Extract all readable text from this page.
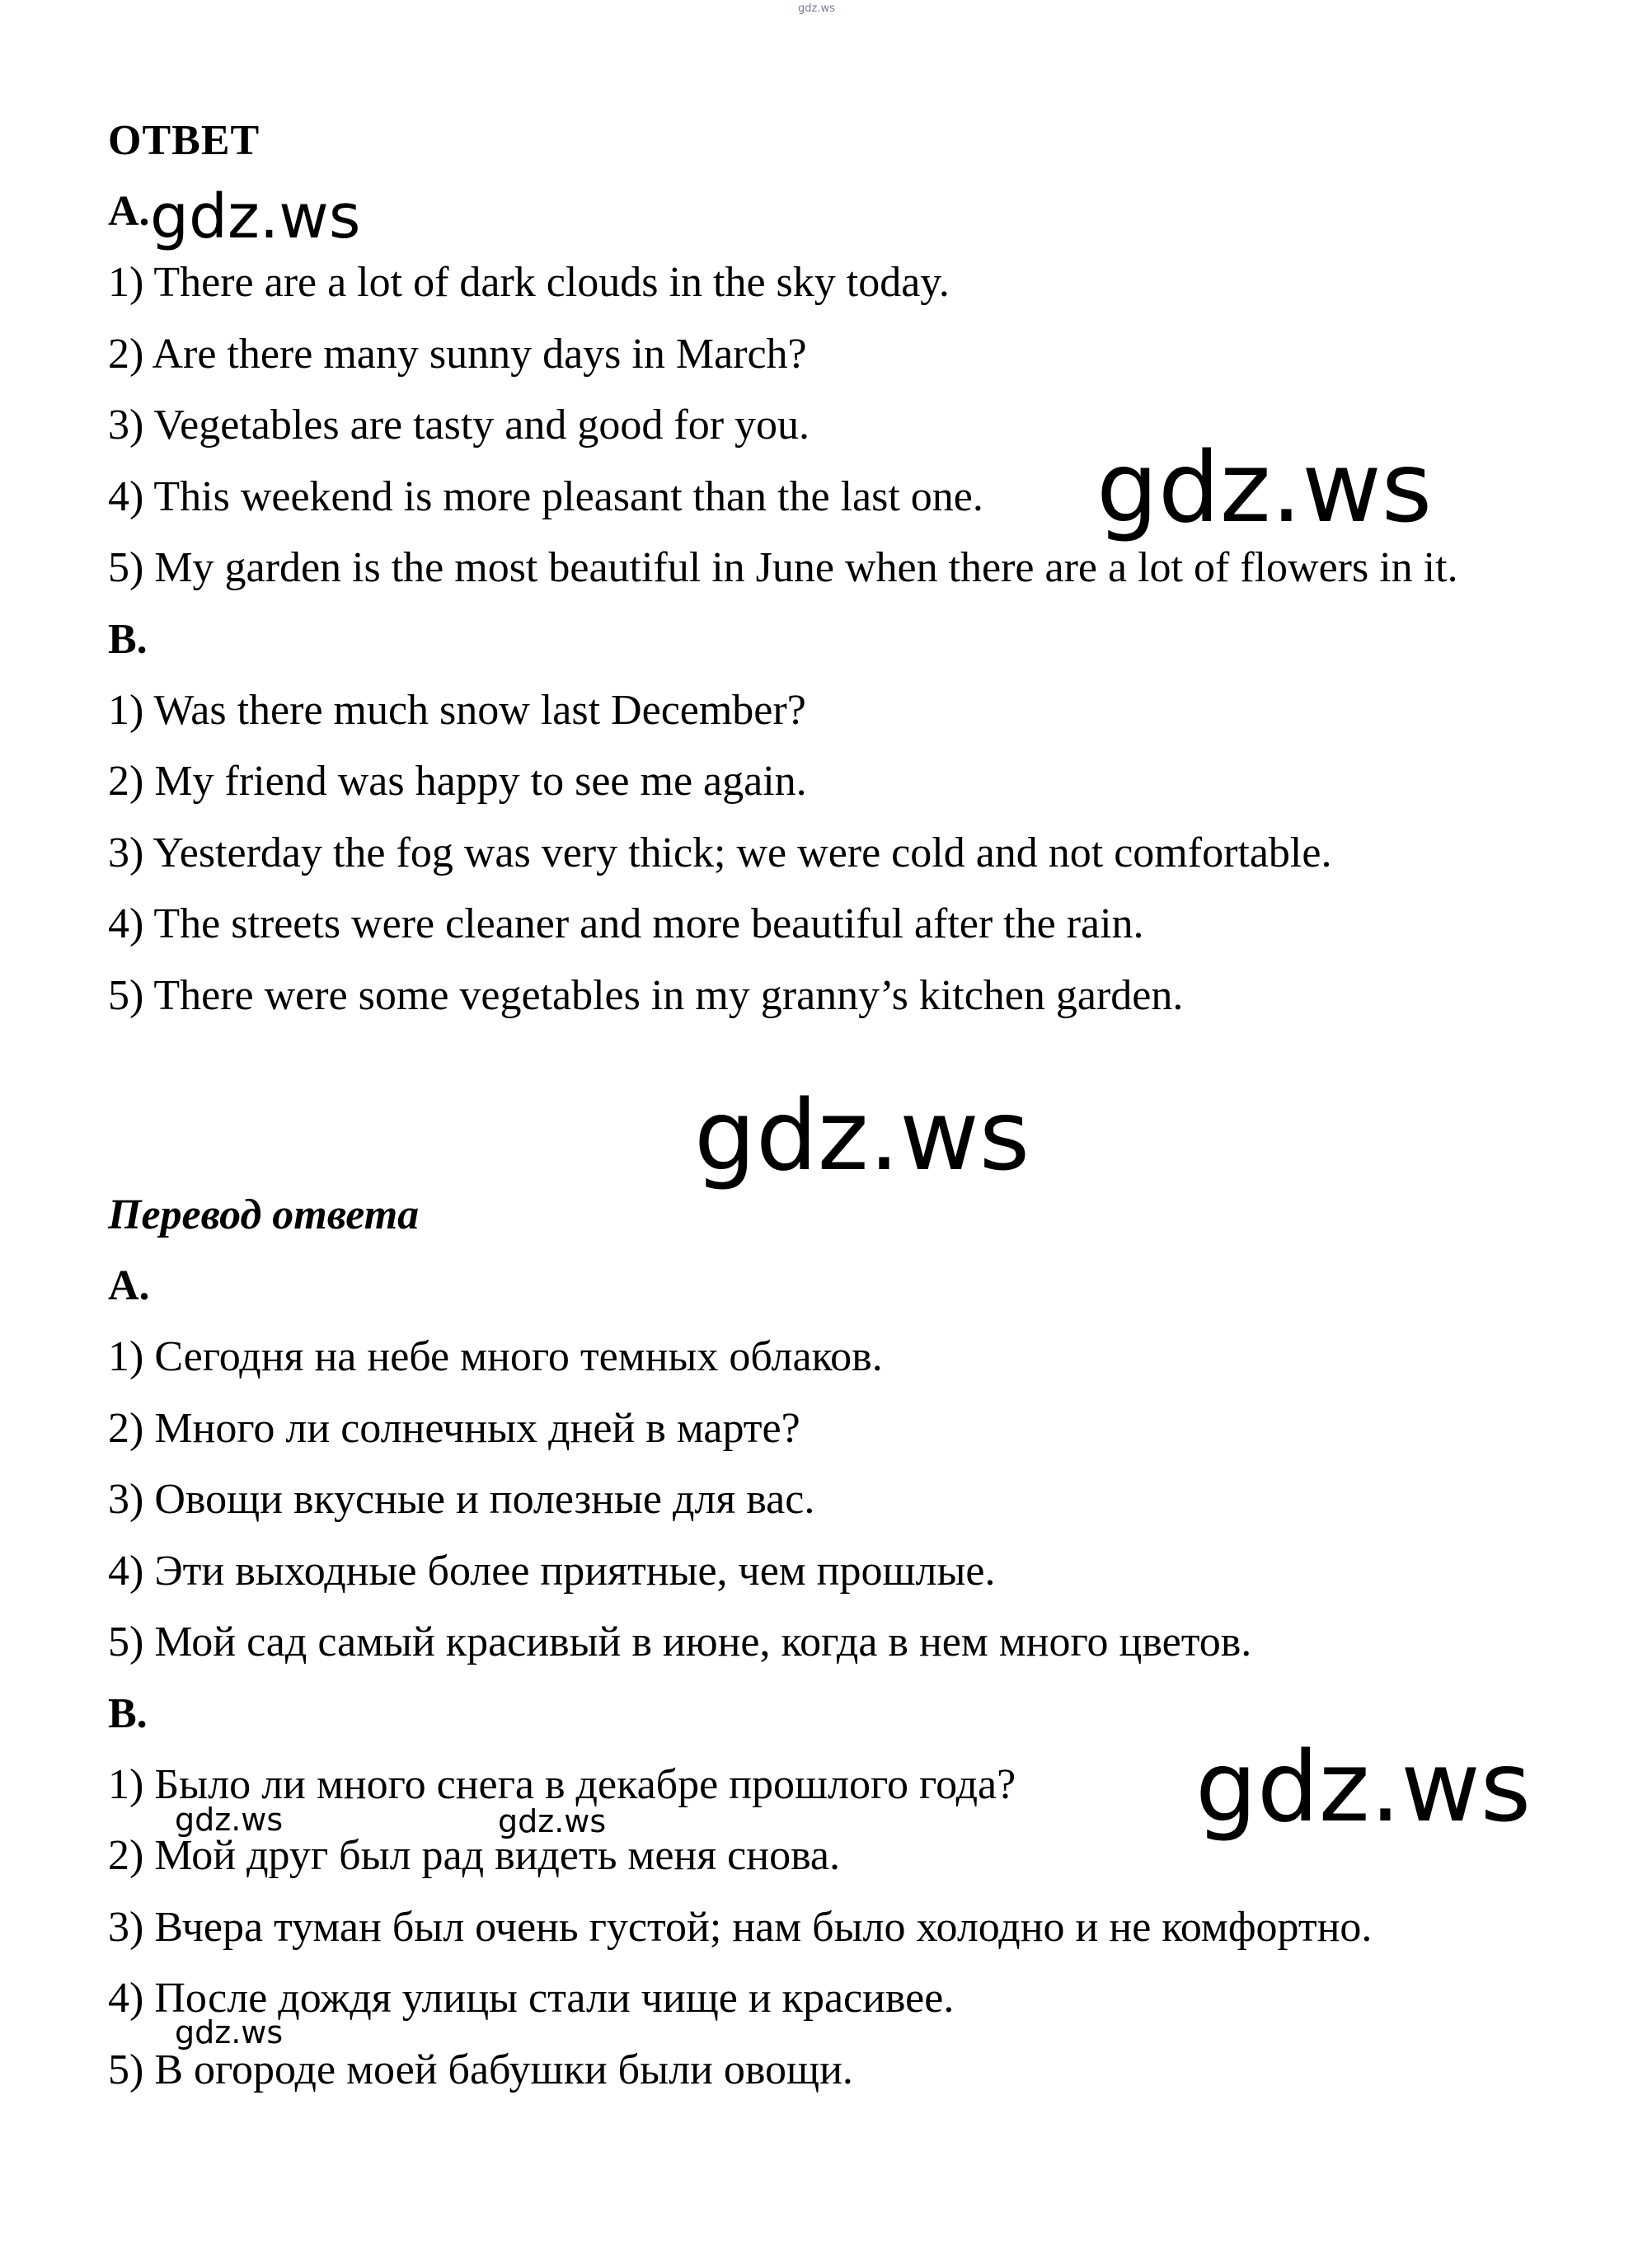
gdz.ws

ОТВЕТ

А.

1) There are a lot of dark clouds in the sky today.

2) Are there many sunny days in March?

3) Vegetables are tasty and good for you.

4) This weekend is more pleasant than the last one.

5) My garden is the most beautiful in June when there are a lot of flowers in it.

В.

1) Was there much snow last December?

2) My friend was happy to see me again.

3) Yesterday the fog was very thick; we were cold and not comfortable.

4) The streets were cleaner and more beautiful after the rain.

5) There were some vegetables in my granny’s kitchen garden.

Перевод ответа

А.

1) Сегодня на небе много темных облаков.

2) Много ли солнечных дней в марте?

3) Овощи вкусные и полезные для вас.

4) Эти выходные более приятные, чем прошлые.

5) Мой сад самый красивый в июне, когда в нем много цветов.

В.

1) Было ли много снега в декабре прошлого года?

2) Мой друг был рад видеть меня снова.

3) Вчера туман был очень густой; нам было холодно и не комфортно.

4) После дождя улицы стали чище и красивее.

5) В огороде моей бабушки были овощи.

gdz.ws
gdz.ws
gdz.ws
gdz.ws
gdz.ws	gdz.ws
gdz.ws
